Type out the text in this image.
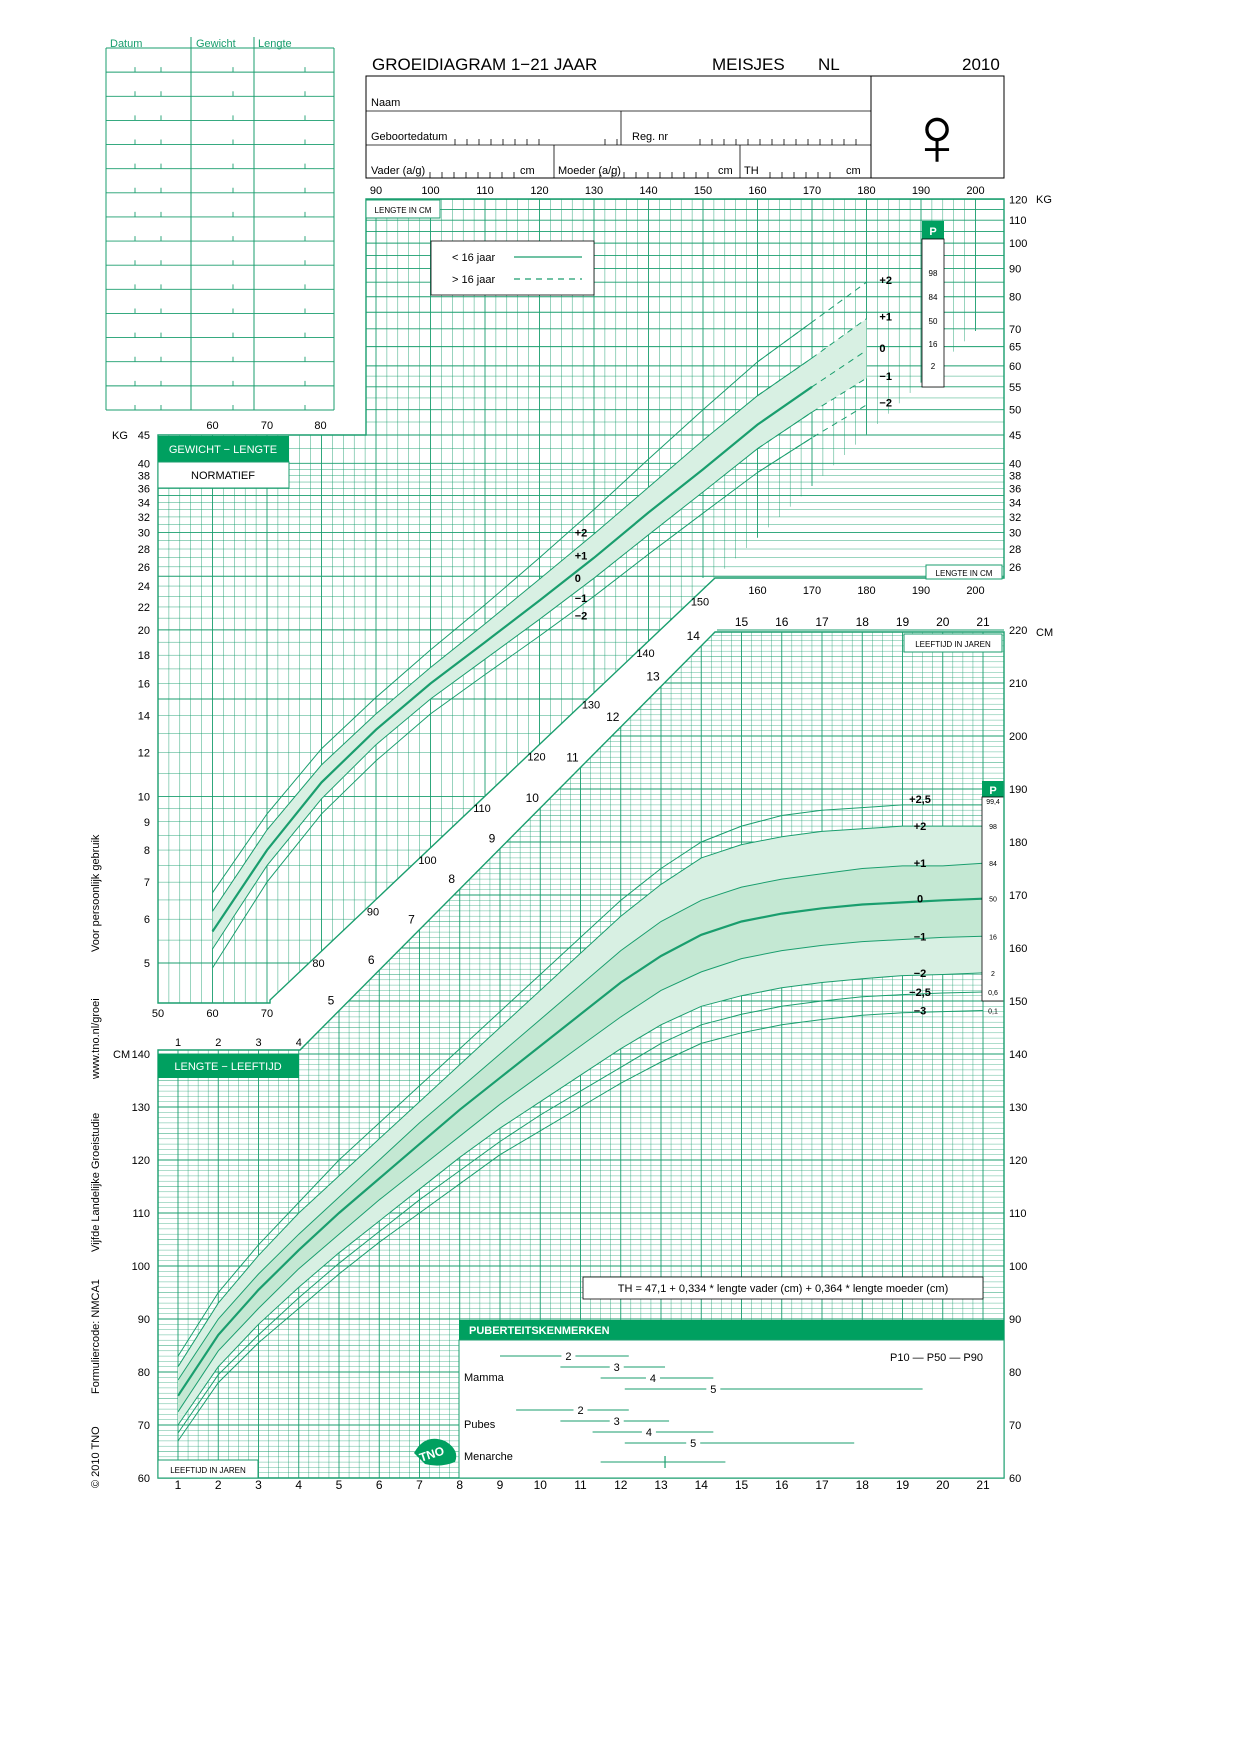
Datum	Gewicht Lengte
GROEIDIAGRAM 1−21 JAAR	MEISJES NL	2010
Naam
Geboortedatum	Reg. nr
Vader (a/g)	cm Moeder (a/g)	cm TH	cm ♀
+2
+2
+1
+1
0
0
−1
−1
−2
−2
P
98
84
50
16
2
+2,5
+2
+1
0
−1
−2
−2,5
−3
P
99,4
98
84
50
16
2
0,6
0,1
90	100	110	120	130	140	150	160	170	180	190	200
50	60	70
60	70	80
160	170	180	190	200
80
90
100
110
120
130
140
150
5
6
7
8
9
10
12
14
16
18
20
22
24
26	26
28	28
30	30
32	32
34	34
36	36
38	38
40	40
45	45
50
55
60
65
70
80
90
100
110
120
KG
KG
GEWICHT − LENGTE
NORMATIEF
LENGTE IN CM
LENGTE IN CM
< 16 jaar
> 16 jaar
1
1
2
2
3
3
4
4
5
5
6
6
7
7
8
8
9
9
10
10
11
11
12
12
13
13
14
14
15
15
16
16
17
17
18
18
19
19
20
20
21
21
60	60
70	70
80	80
90	90
100	100
110	110
120	120
130	130
140	140
150
160
170
180
190
200
210
220
CM
CM
LENGTE − LEEFTIJD
LEEFTIJD IN JAREN
LEEFTIJD IN JAREN
TH = 47,1 + 0,334 * lengte vader (cm) + 0,364 * lengte moeder (cm)
PUBERTEITSKENMERKEN
P10 — P50 — P90
Mamma
Pubes
Menarche
2
3
4
5
2
3
4
5
TNO
© 2010 TNO
Formuliercode: NMCA1
Vijfde Landelijke Groeistudie
www.tno.nl/groei
Voor persoonlijk gebruik
